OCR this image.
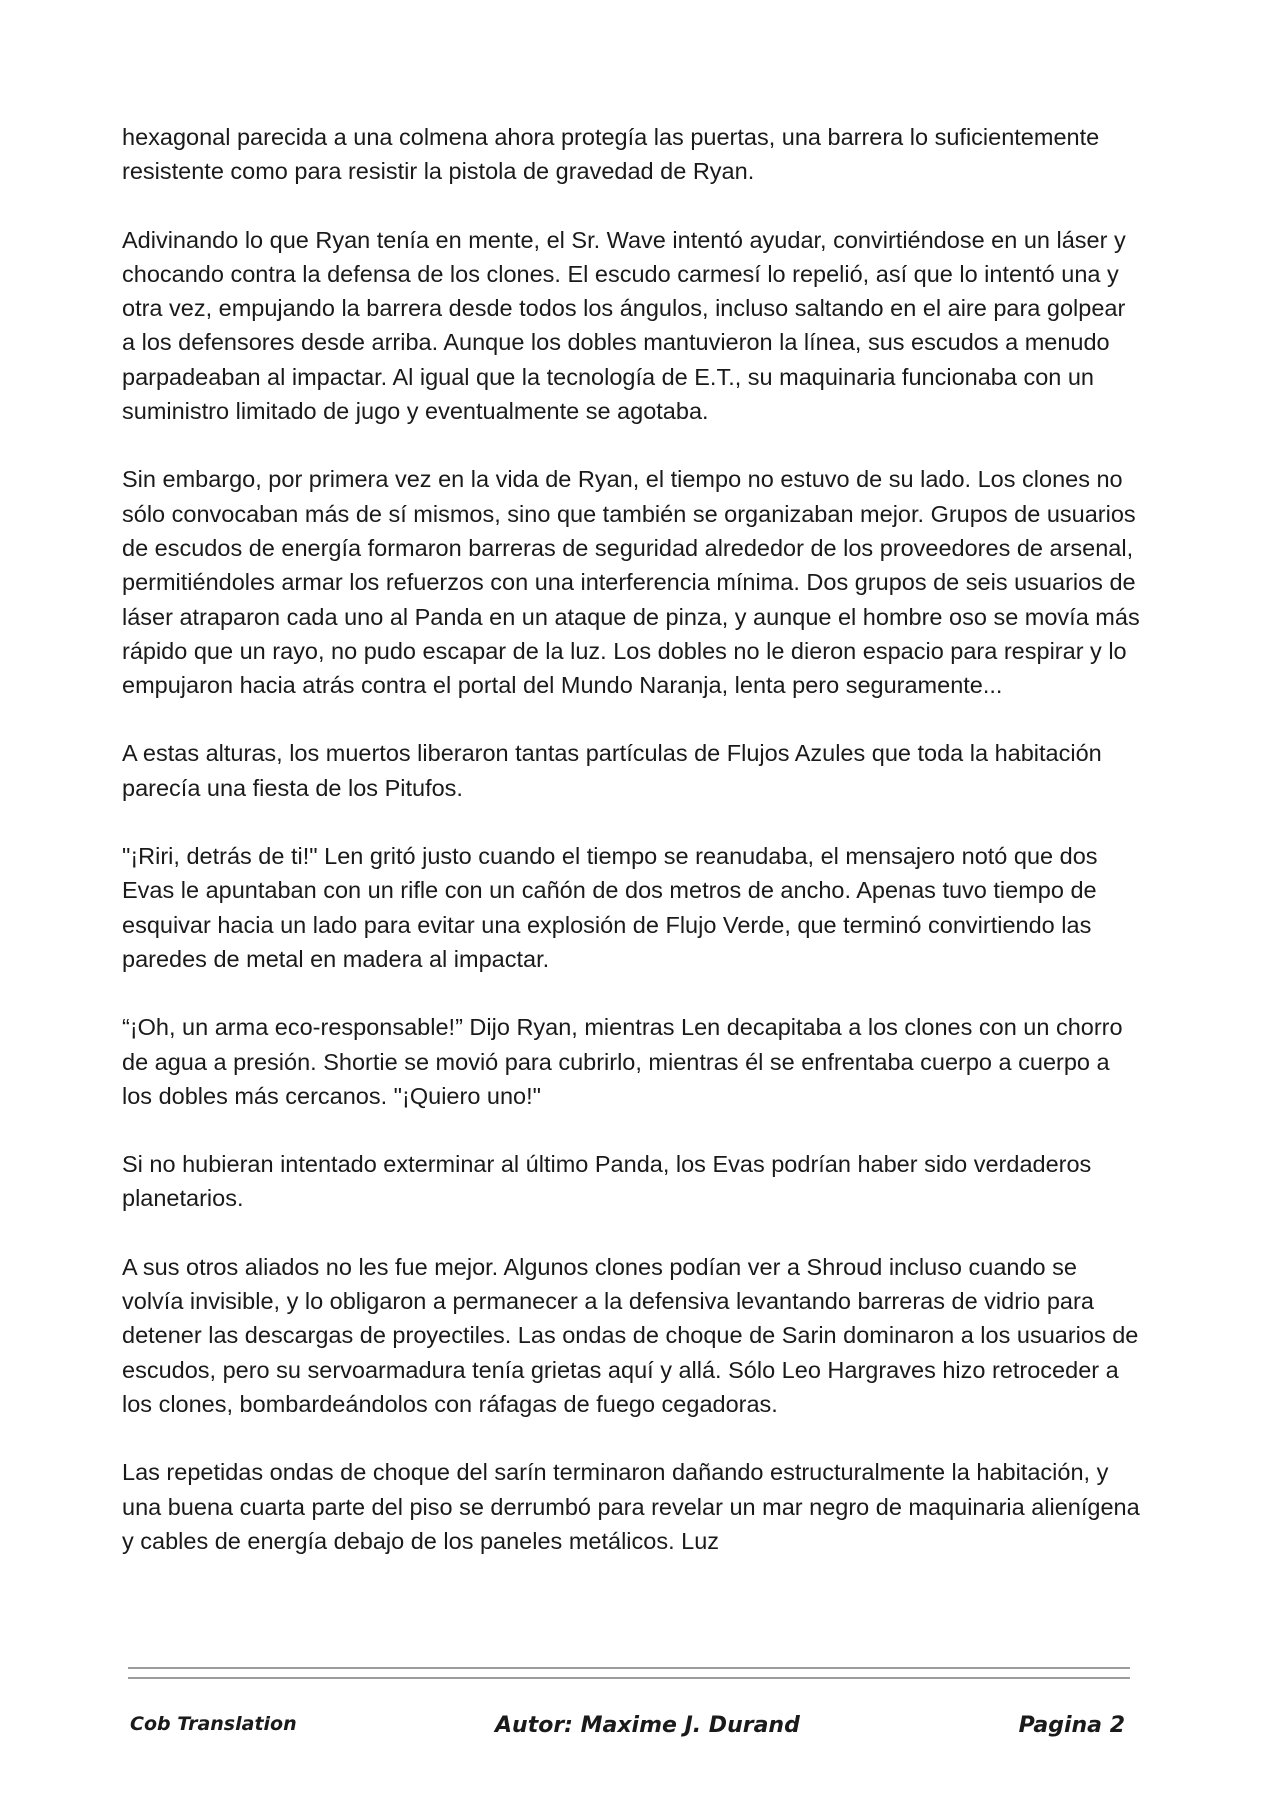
hexagonal parecida a una colmena ahora protegía las puertas, una barrera lo suficientemente resistente como para resistir la pistola de gravedad de Ryan.

Adivinando lo que Ryan tenía en mente, el Sr. Wave intentó ayudar, convirtiéndose en un láser y chocando contra la defensa de los clones. El escudo carmesí lo repelió, así que lo intentó una y otra vez, empujando la barrera desde todos los ángulos, incluso saltando en el aire para golpear a los defensores desde arriba. Aunque los dobles mantuvieron la línea, sus escudos a menudo parpadeaban al impactar. Al igual que la tecnología de E.T., su maquinaria funcionaba con un suministro limitado de jugo y eventualmente se agotaba.

Sin embargo, por primera vez en la vida de Ryan, el tiempo no estuvo de su lado. Los clones no sólo convocaban más de sí mismos, sino que también se organizaban mejor. Grupos de usuarios de escudos de energía formaron barreras de seguridad alrededor de los proveedores de arsenal, permitiéndoles armar los refuerzos con una interferencia mínima. Dos grupos de seis usuarios de láser atraparon cada uno al Panda en un ataque de pinza, y aunque el hombre oso se movía más rápido que un rayo, no pudo escapar de la luz. Los dobles no le dieron espacio para respirar y lo empujaron hacia atrás contra el portal del Mundo Naranja, lenta pero seguramente...

A estas alturas, los muertos liberaron tantas partículas de Flujos Azules que toda la habitación parecía una fiesta de los Pitufos.

"¡Riri, detrás de ti!" Len gritó justo cuando el tiempo se reanudaba, el mensajero notó que dos Evas le apuntaban con un rifle con un cañón de dos metros de ancho. Apenas tuvo tiempo de esquivar hacia un lado para evitar una explosión de Flujo Verde, que terminó convirtiendo las paredes de metal en madera al impactar.

“¡Oh, un arma eco-responsable!” Dijo Ryan, mientras Len decapitaba a los clones con un chorro de agua a presión. Shortie se movió para cubrirlo, mientras él se enfrentaba cuerpo a cuerpo a los dobles más cercanos. "¡Quiero uno!"

Si no hubieran intentado exterminar al último Panda, los Evas podrían haber sido verdaderos planetarios.

A sus otros aliados no les fue mejor. Algunos clones podían ver a Shroud incluso cuando se volvía invisible, y lo obligaron a permanecer a la defensiva levantando barreras de vidrio para detener las descargas de proyectiles. Las ondas de choque de Sarin dominaron a los usuarios de escudos, pero su servoarmadura tenía grietas aquí y allá. Sólo Leo Hargraves hizo retroceder a los clones, bombardeándolos con ráfagas de fuego cegadoras.

Las repetidas ondas de choque del sarín terminaron dañando estructuralmente la habitación, y una buena cuarta parte del piso se derrumbó para revelar un mar negro de maquinaria alienígena y cables de energía debajo de los paneles metálicos. Luz

Cob Translation	Autor: Maxime J. Durand	Pagina 2
